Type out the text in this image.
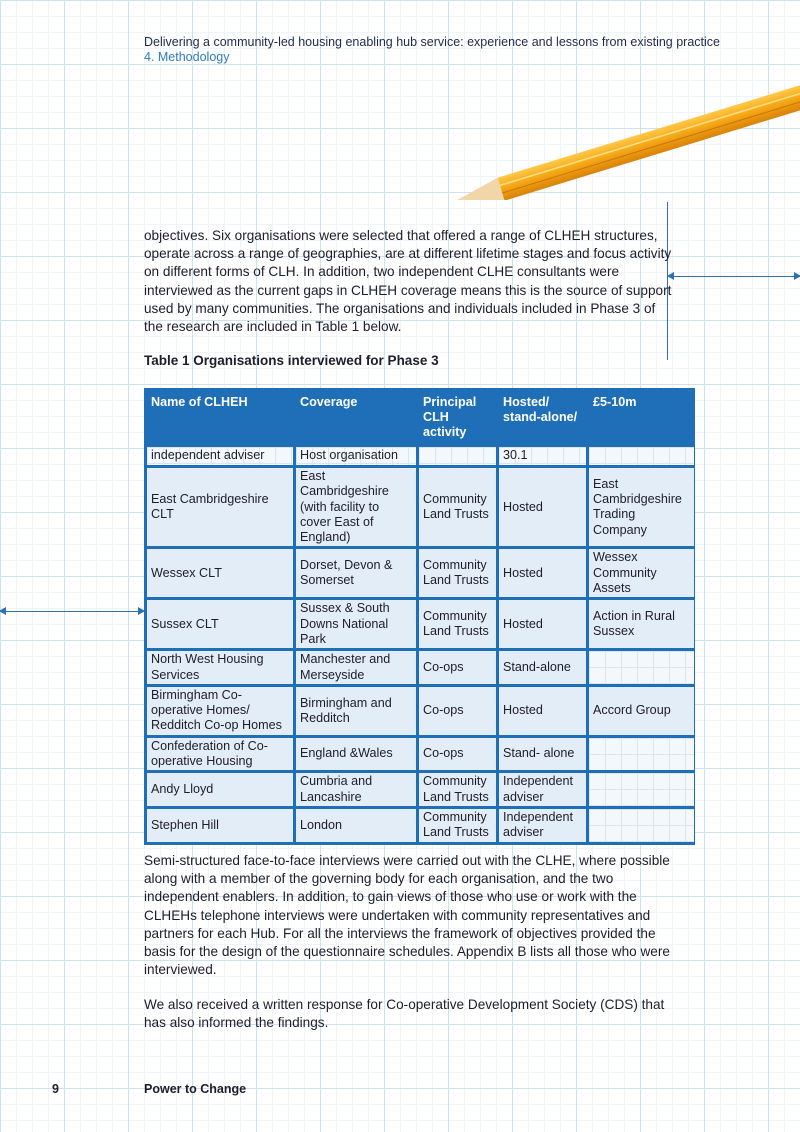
Delivering a community-led housing enabling hub service: experience and lessons from existing practice
4. Methodology
objectives. Six organisations were selected that offered a range of CLHEH structures, operate across a range of geographies, are at different lifetime stages and focus activity on different forms of CLH. In addition, two independent CLHE consultants were interviewed as the current gaps in CLHEH coverage means this is the source of support used by many communities. The organisations and individuals included in Phase 3 of the research are included in Table 1 below.
Table 1 Organisations interviewed for Phase 3
Name of CLHEH	Coverage	Principal CLH activity	Hosted/ stand-alone/	£5-10m
independent adviser	Host organisation		30.1	
East Cambridgeshire CLT	East Cambridgeshire (with facility to cover East of England)	Community Land Trusts	Hosted	East Cambridgeshire Trading Company
Wessex CLT	Dorset, Devon & Somerset	Community Land Trusts	Hosted	Wessex Community Assets
Sussex CLT	Sussex & South Downs National Park	Community Land Trusts	Hosted	Action in Rural Sussex
North West Housing Services	Manchester and Merseyside	Co-ops	Stand-alone	
Birmingham Co-operative Homes/ Redditch Co-op Homes	Birmingham and Redditch	Co-ops	Hosted	Accord Group
Confederation of Co-operative Housing	England &Wales	Co-ops	Stand- alone	
Andy Lloyd	Cumbria and Lancashire	Community Land Trusts	Independent adviser	
Stephen Hill	London	Community Land Trusts	Independent adviser	
Semi-structured face-to-face interviews were carried out with the CLHE, where possible along with a member of the governing body for each organisation, and the two independent enablers. In addition, to gain views of those who use or work with the CLHEHs telephone interviews were undertaken with community representatives and partners for each Hub. For all the interviews the framework of objectives provided the basis for the design of the questionnaire schedules. Appendix B lists all those who were interviewed.
We also received a written response for Co-operative Development Society (CDS) that has also informed the findings.
9	Power to Change
